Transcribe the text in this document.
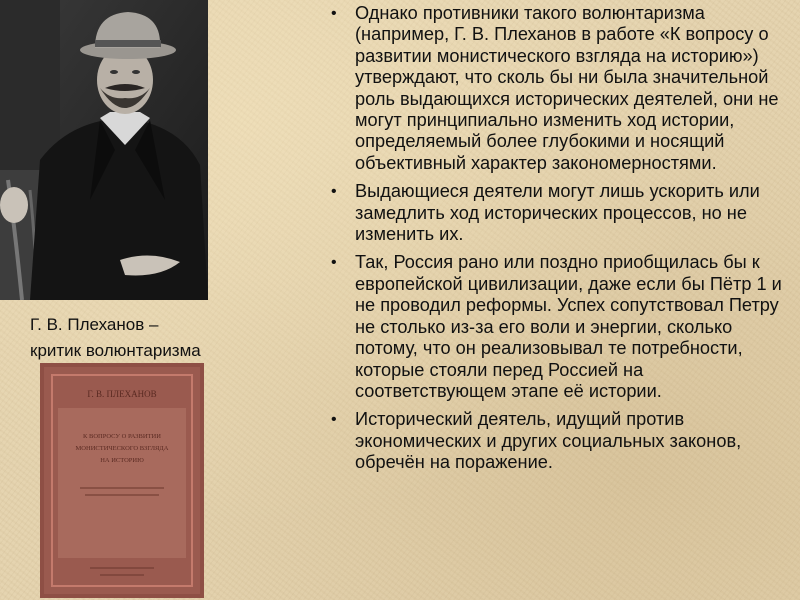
Г. В. Плеханов –
критик волюнтаризма
Г. В. ПЛЕХАНОВ
К ВОПРОСУ О РАЗВИТИИ
МОНИСТИЧЕСКОГО ВЗГЛЯДА
НА ИСТОРИЮ
• Однако противники такого волюнтаризма (например, Г. В. Плеханов в работе «К вопросу о развитии монистического взгляда на историю») утверждают, что сколь бы ни была значительной роль выдающихся исторических деятелей, они не могут принципиально изменить ход истории, определяемый более глубокими и носящий объективный характер закономерностями.
• Выдающиеся деятели могут лишь ускорить или замедлить ход исторических процессов, но не изменить их.
• Так, Россия рано или поздно приобщилась бы к европейской цивилизации, даже если бы Пётр 1 и не проводил реформы. Успех сопутствовал Петру не столько из-за его воли и энергии, сколько потому, что он реализовывал те потребности, которые стояли перед Россией на соответствующем этапе её истории.
• Исторический деятель, идущий против экономических и других социальных законов, обречён на поражение.
